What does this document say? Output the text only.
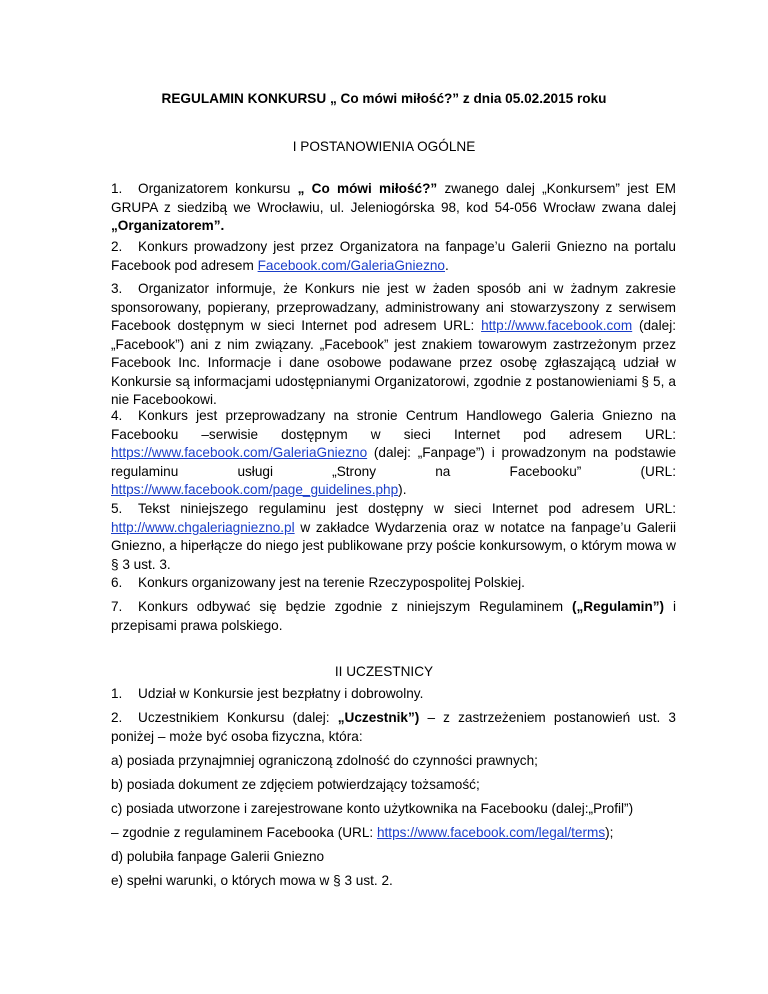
REGULAMIN KONKURSU „ Co mówi miłość?” z dnia 05.02.2015 roku
I POSTANOWIENIA OGÓLNE
1. Organizatorem konkursu „ Co mówi miłość?” zwanego dalej „Konkursem” jest EM GRUPA z siedzibą we Wrocławiu, ul. Jeleniogórska 98, kod 54-056 Wrocław zwana dalej „Organizatorem”.
2. Konkurs prowadzony jest przez Organizatora na fanpage’u Galerii Gniezno na portalu Facebook pod adresem Facebook.com/GaleriaGniezno.
3. Organizator informuje, że Konkurs nie jest w żaden sposób ani w żadnym zakresie sponsorowany, popierany, przeprowadzany, administrowany ani stowarzyszony z serwisem Facebook dostępnym w sieci Internet pod adresem URL: http://www.facebook.com (dalej: „Facebook”) ani z nim związany. „Facebook” jest znakiem towarowym zastrzeżonym przez Facebook Inc. Informacje i dane osobowe podawane przez osobę zgłaszającą udział w Konkursie są informacjami udostępnianymi Organizatorowi, zgodnie z postanowieniami § 5, a nie Facebookowi.
4. Konkurs jest przeprowadzany na stronie Centrum Handlowego Galeria Gniezno na Facebooku –serwisie dostępnym w sieci Internet pod adresem URL: https://www.facebook.com/GaleriaGniezno (dalej: „Fanpage”) i prowadzonym na podstawie regulaminu usługi „Strony na Facebooku” (URL: https://www.facebook.com/page_guidelines.php).
5. Tekst niniejszego regulaminu jest dostępny w sieci Internet pod adresem URL: http://www.chgaleriagniezno.pl w zakładce Wydarzenia oraz w notatce na fanpage’u Galerii Gniezno, a hiperłącze do niego jest publikowane przy poście konkursowym, o którym mowa w § 3 ust. 3.
6. Konkurs organizowany jest na terenie Rzeczypospolitej Polskiej.
7. Konkurs odbywać się będzie zgodnie z niniejszym Regulaminem („Regulamin”) i przepisami prawa polskiego.
II UCZESTNICY
1. Udział w Konkursie jest bezpłatny i dobrowolny.
2. Uczestnikiem Konkursu (dalej: „Uczestnik”) – z zastrzeżeniem postanowień ust. 3 poniżej – może być osoba fizyczna, która:
a) posiada przynajmniej ograniczoną zdolność do czynności prawnych;
b) posiada dokument ze zdjęciem potwierdzający tożsamość;
c) posiada utworzone i zarejestrowane konto użytkownika na Facebooku (dalej:„Profil”)
– zgodnie z regulaminem Facebooka (URL: https://www.facebook.com/legal/terms);
d) polubiła fanpage Galerii Gniezno
e) spełni warunki, o których mowa w § 3 ust. 2.
